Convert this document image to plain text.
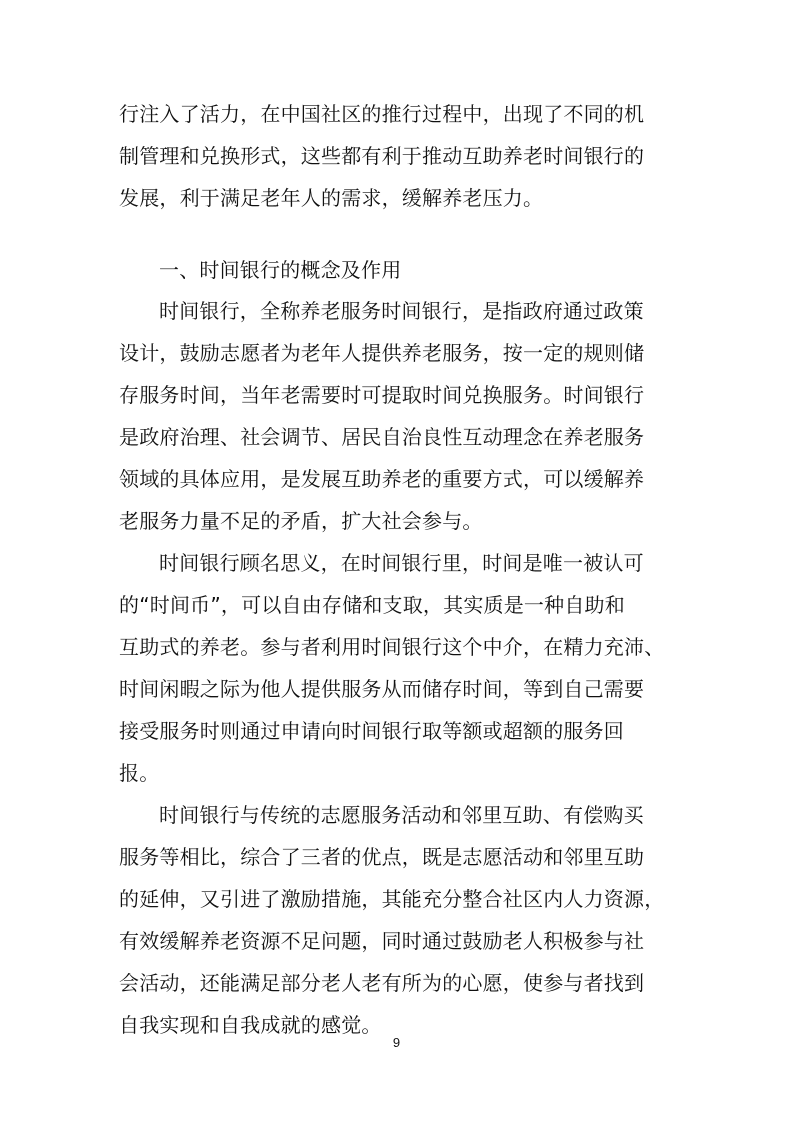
行注入了活力，在中国社区的推行过程中，出现了不同的机
制管理和兑换形式，这些都有利于推动互助养老时间银行的
发展，利于满足老年人的需求，缓解养老压力。
一、时间银行的概念及作用
时间银行，全称养老服务时间银行，是指政府通过政策
设计，鼓励志愿者为老年人提供养老服务，按一定的规则储
存服务时间，当年老需要时可提取时间兑换服务。时间银行
是政府治理、社会调节、居民自治良性互动理念在养老服务
领域的具体应用，是发展互助养老的重要方式，可以缓解养
老服务力量不足的矛盾，扩大社会参与。
时间银行顾名思义，在时间银行里，时间是唯一被认可
的“时间币”，可以自由存储和支取，其实质是一种自助和
互助式的养老。参与者利用时间银行这个中介，在精力充沛、
时间闲暇之际为他人提供服务从而储存时间，等到自己需要
接受服务时则通过申请向时间银行取等额或超额的服务回
报。
时间银行与传统的志愿服务活动和邻里互助、有偿购买
服务等相比，综合了三者的优点，既是志愿活动和邻里互助
的延伸，又引进了激励措施，其能充分整合社区内人力资源，
有效缓解养老资源不足问题，同时通过鼓励老人积极参与社
会活动，还能满足部分老人老有所为的心愿，使参与者找到
自我实现和自我成就的感觉。
9
